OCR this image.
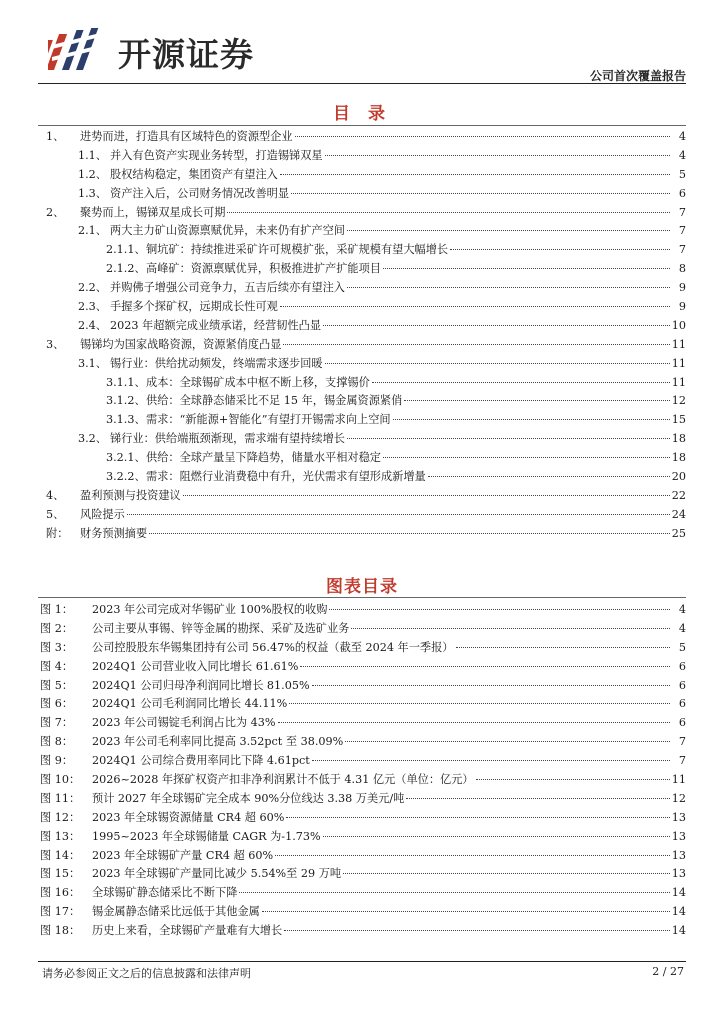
开源证券
公司首次覆盖报告
目 录
1、	进势而进，打造具有区域特色的资源型企业	4
1.1、 并入有色资产实现业务转型，打造锡锑双星	4
1.2、 股权结构稳定，集团资产有望注入	5
1.3、 资产注入后，公司财务情况改善明显	6
2、	聚势而上，锡锑双星成长可期	7
2.1、 两大主力矿山资源禀赋优异，未来仍有扩产空间	7
2.1.1、 铜坑矿：持续推进采矿许可规模扩张，采矿规模有望大幅增长	7
2.1.2、 高峰矿：资源禀赋优异，积极推进扩产扩能项目	8
2.2、 并购佛子增强公司竞争力，五吉后续亦有望注入	9
2.3、 手握多个探矿权，远期成长性可观	9
2.4、 2023 年超额完成业绩承诺，经营韧性凸显	10
3、	锡锑均为国家战略资源，资源紧俏度凸显	11
3.1、 锡行业：供给扰动频发，终端需求逐步回暖	11
3.1.1、 成本：全球锡矿成本中枢不断上移，支撑锡价	11
3.1.2、 供给：全球静态储采比不足 15 年，锡金属资源紧俏	12
3.1.3、 需求：“新能源+智能化”有望打开锡需求向上空间	15
3.2、 锑行业：供给端瓶颈渐现，需求端有望持续增长	18
3.2.1、 供给：全球产量呈下降趋势，储量水平相对稳定	18
3.2.2、 需求：阻燃行业消费稳中有升，光伏需求有望形成新增量	20
4、	盈利预测与投资建议	22
5、	风险提示	24
附：	财务预测摘要	25
图表目录
图 1：	2023 年公司完成对华锡矿业 100%股权的收购	4
图 2：	公司主要从事锡、锌等金属的勘探、采矿及选矿业务	4
图 3：	公司控股股东华锡集团持有公司 56.47%的权益（截至 2024 年一季报）	5
图 4：	2024Q1 公司营业收入同比增长 61.61%	6
图 5：	2024Q1 公司归母净利润同比增长 81.05%	6
图 6：	2024Q1 公司毛利润同比增长 44.11%	6
图 7：	2023 年公司锡锭毛利润占比为 43%	6
图 8：	2023 年公司毛利率同比提高 3.52pct 至 38.09%	7
图 9：	2024Q1 公司综合费用率同比下降 4.61pct	7
图 10：	2026~2028 年探矿权资产扣非净利润累计不低于 4.31 亿元（单位：亿元）	11
图 11：	预计 2027 年全球锡矿完全成本 90%分位线达 3.38 万美元/吨	12
图 12：	2023 年全球锡资源储量 CR4 超 60%	13
图 13：	1995~2023 年全球锡储量 CAGR 为-1.73%	13
图 14：	2023 年全球锡矿产量 CR4 超 60%	13
图 15：	2023 年全球锡矿产量同比减少 5.54%至 29 万吨	13
图 16：	全球锡矿静态储采比不断下降	14
图 17：	锡金属静态储采比远低于其他金属	14
图 18：	历史上来看，全球锡矿产量难有大增长	14
请务必参阅正文之后的信息披露和法律声明	2 / 27
